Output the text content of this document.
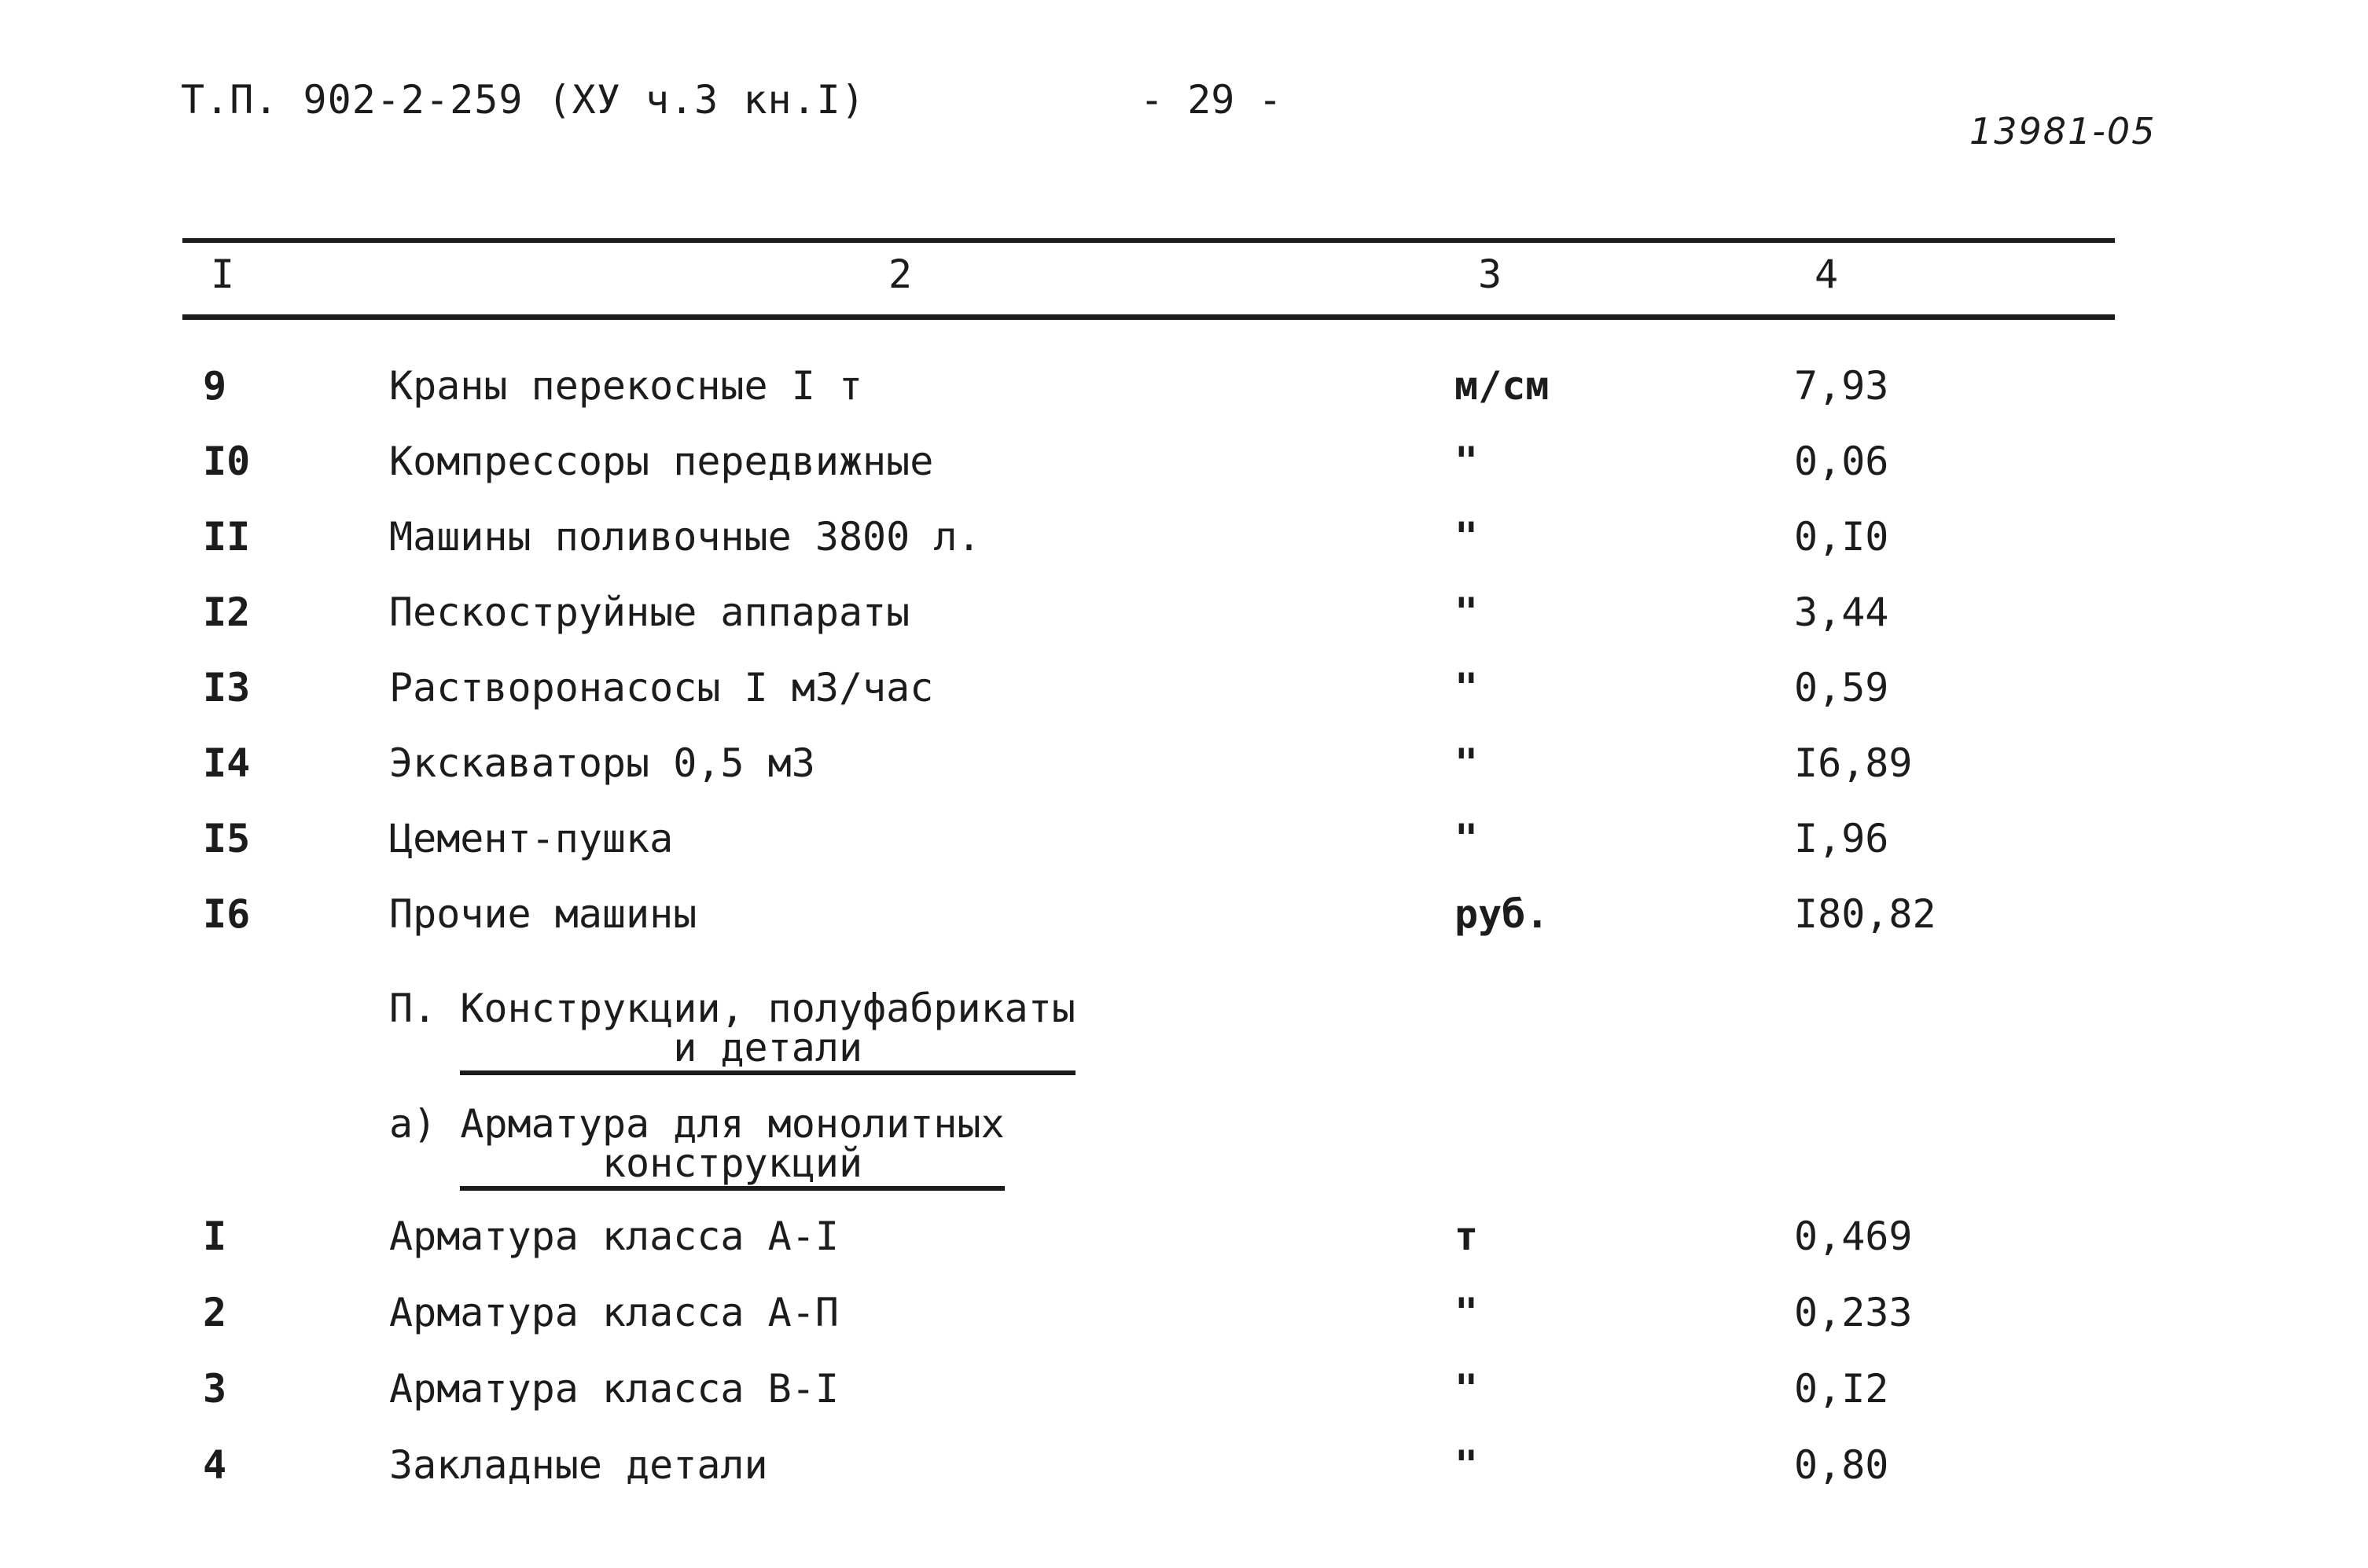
Т.П. 902-2-259 (ХУ ч.3 кн.I)	- 29 -
13981-05
I	2	3	4
9	Краны перекосные I т	м/см	7,93
I0	Компрессоры передвижные	"	0,06
II	Машины поливочные 3800 л.	"	0,I0
I2	Пескоструйные аппараты	"	3,44
I3	Растворонасосы I м3/час	"	0,59
I4	Экскаваторы 0,5 м3	"	I6,89
I5	Цемент-пушка	"	I,96
I6	Прочие машины	руб.	I80,82
П. Конструкции, полуфабрикаты
и детали
а) Арматура для монолитных
конструкций
I	Арматура класса А-I	т	0,469
2	Арматура класса А-П	"	0,233
3	Арматура класса В-I	"	0,I2
4	Закладные детали	"	0,80
